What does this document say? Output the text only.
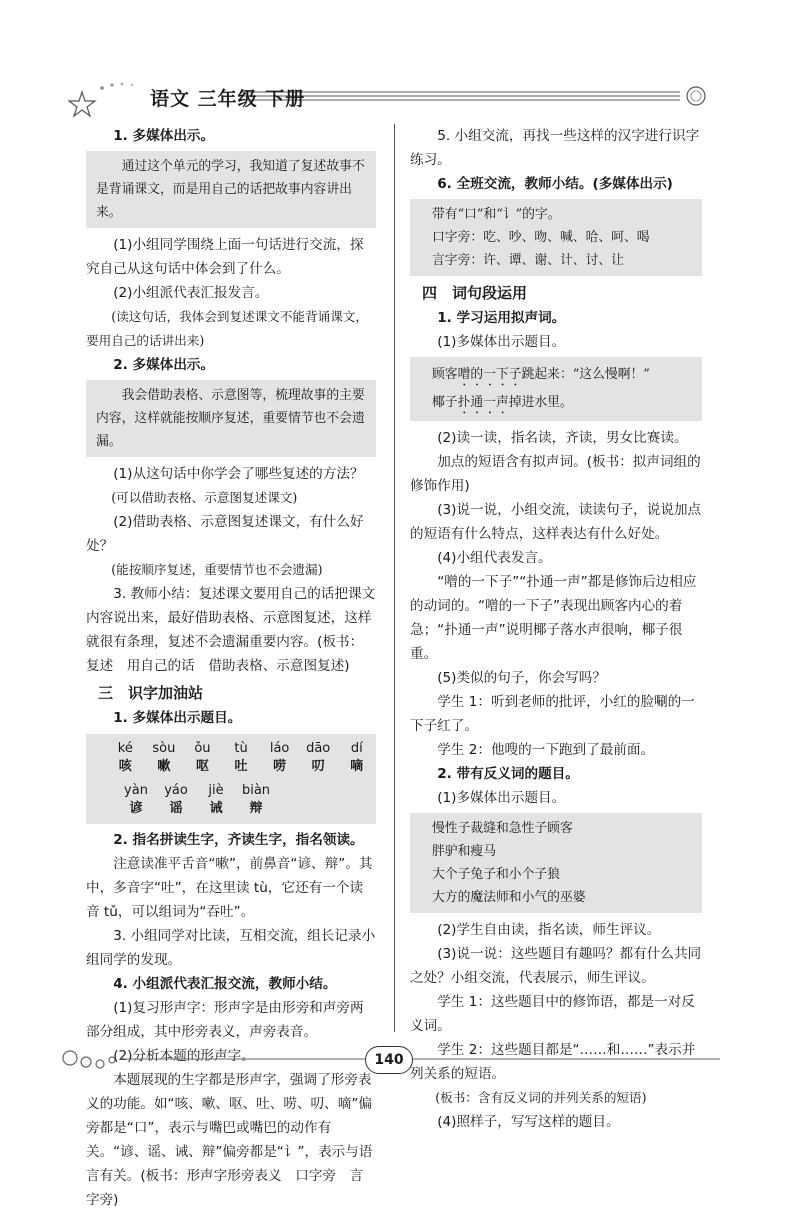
语文 三年级 下册
1. 多媒体出示。
通过这个单元的学习，我知道了复述故事不是背诵课文，而是用自己的话把故事内容讲出来。
(1)小组同学围绕上面一句话进行交流，探究自己从这句话中体会到了什么。
(2)小组派代表汇报发言。
(读这句话，我体会到复述课文不能背诵课文，要用自己的话讲出来)
2. 多媒体出示。
我会借助表格、示意图等，梳理故事的主要内容，这样就能按顺序复述，重要情节也不会遗漏。
(1)从这句话中你学会了哪些复述的方法？
(可以借助表格、示意图复述课文)
(2)借助表格、示意图复述课文，有什么好处？
(能按顺序复述，重要情节也不会遗漏)
3. 教师小结：复述课文要用自己的话把课文内容说出来，最好借助表格、示意图复述，这样就很有条理，复述不会遗漏重要内容。(板书：复述　用自己的话　借助表格、示意图复述)
三　识字加油站
1. 多媒体出示题目。
ké
咳
sòu
嗽
ǒu
呕
tù
吐
láo
唠
dāo
叨
dí
嘀
yàn
谚
yáo
谣
jiè
诫
biàn
辩
2. 指名拼读生字，齐读生字，指名领读。
注意读准平舌音“嗽”，前鼻音“谚、辩”。其中，多音字“吐”，在这里读 tù，它还有一个读音 tǔ，可以组词为“吞吐”。
3. 小组同学对比读，互相交流，组长记录小组同学的发现。
4. 小组派代表汇报交流，教师小结。
(1)复习形声字：形声字是由形旁和声旁两部分组成，其中形旁表义，声旁表音。
(2)分析本题的形声字。
本题展现的生字都是形声字，强调了形旁表义的功能。如“咳、嗽、呕、吐、唠、叨、嘀”偏旁都是“口”，表示与嘴巴或嘴巴的动作有关。“谚、谣、诫、辩”偏旁都是“讠”，表示与语言有关。(板书：形声字形旁表义　口字旁　言字旁)
5. 小组交流，再找一些这样的汉字进行识字练习。
6. 全班交流，教师小结。(多媒体出示)
带有“口”和“讠”的字。
口字旁：吃、吵、吻、喊、哈、呵、喝
言字旁：许、谭、谢、计、讨、让
四　词句段运用
1. 学习运用拟声词。
(1)多媒体出示题目。
顾客噌的一下子跳起来：“这么慢啊！”
椰子扑通一声掉进水里。
(2)读一读，指名读，齐读，男女比赛读。
加点的短语含有拟声词。(板书：拟声词组的修饰作用)
(3)说一说，小组交流，读读句子，说说加点的短语有什么特点，这样表达有什么好处。
(4)小组代表发言。
“噌的一下子”“扑通一声”都是修饰后边相应的动词的。“噌的一下子”表现出顾客内心的着急；“扑通一声”说明椰子落水声很响，椰子很重。
(5)类似的句子，你会写吗？
学生 1：听到老师的批评，小红的脸唰的一下子红了。
学生 2：他嗖的一下跑到了最前面。
2. 带有反义词的题目。
(1)多媒体出示题目。
慢性子裁缝和急性子顾客
胖驴和瘦马
大个子兔子和小个子狼
大方的魔法师和小气的巫婆
(2)学生自由读，指名读，师生评议。
(3)说一说：这些题目有趣吗？都有什么共同之处？小组交流，代表展示，师生评议。
学生 1：这些题目中的修饰语，都是一对反义词。
学生 2：这些题目都是“……和……”表示并列关系的短语。
(板书：含有反义词的并列关系的短语)
(4)照样子，写写这样的题目。
140
